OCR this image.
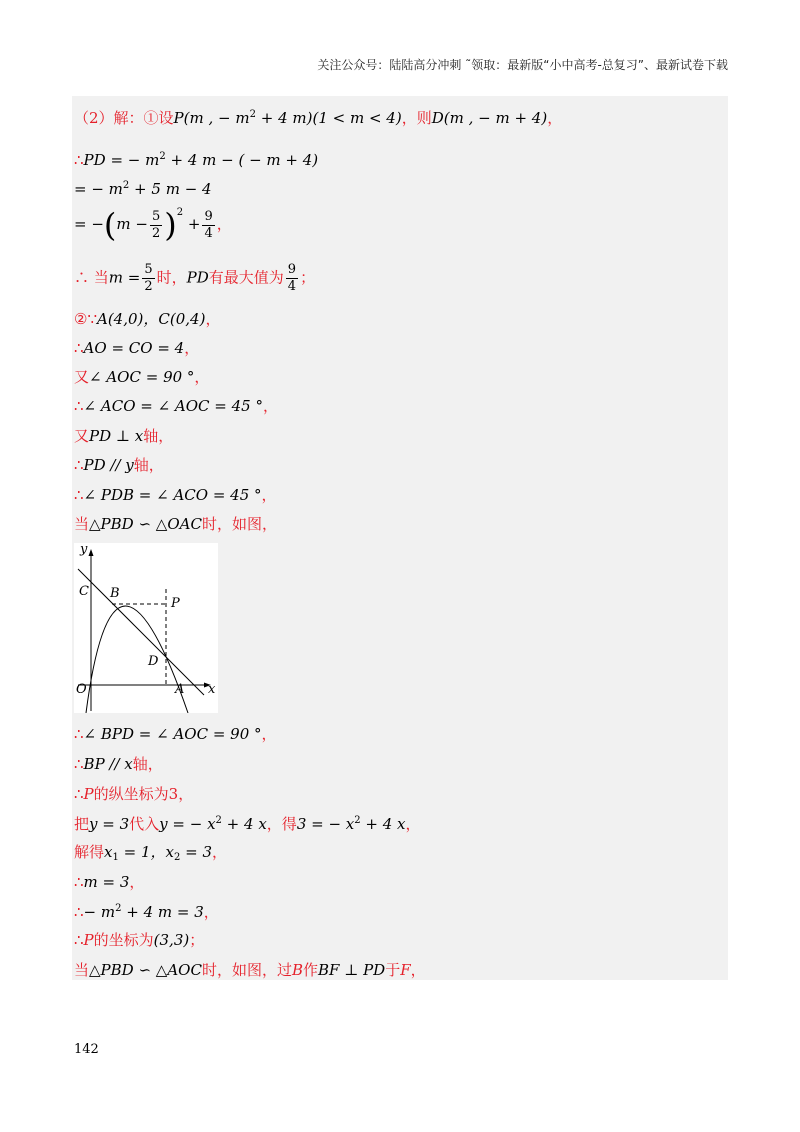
关注公众号：陆陆高分冲刺 ˜领取：最新版“小中高考-总复习”、最新试卷下载
（2）解：①设P(m , − $m^2 + 4$ m)(1 < m < 4)，则D(m , − m + 4)，
∴PD = − $m^2 + 4$ m − ( − m + 4)
= − $m^2 + 5$ m − 4
= $-(m - \frac{5}{2} )^2 + \frac{9}{4}$ ，
∴ 当$m = \frac{5}{2}$ 时，PD有最大值为 $\frac{9}{4}$ ；
②∵A(4,0)，C(0,4)，
∴AO = CO = 4，
又∠ AOC = 90 °，
∴∠ ACO = ∠ AOC = 45 °，
又PD ⊥ x轴，
∴PD // y轴，
∴∠ PDB = ∠ ACO = 45 °，
当△PBD ∽ △OAC时，如图，
y
x
O	A
C B
P
D
∴∠ BPD = ∠ AOC = 90 °，
∴BP // x轴，
∴P的纵坐标为3，
把y = 3代入y = − $x^2 + 4$ x，得3 = − $x^2 + 4$ x，
解得$x_1 = 1$，$x_2 = 3$，
∴m = 3，
∴− $m^2 + 4$ m = 3，
∴P的坐标为(3,3)；
当△PBD ∽ △AOC时，如图，过B作BF ⊥ PD于F，
142
